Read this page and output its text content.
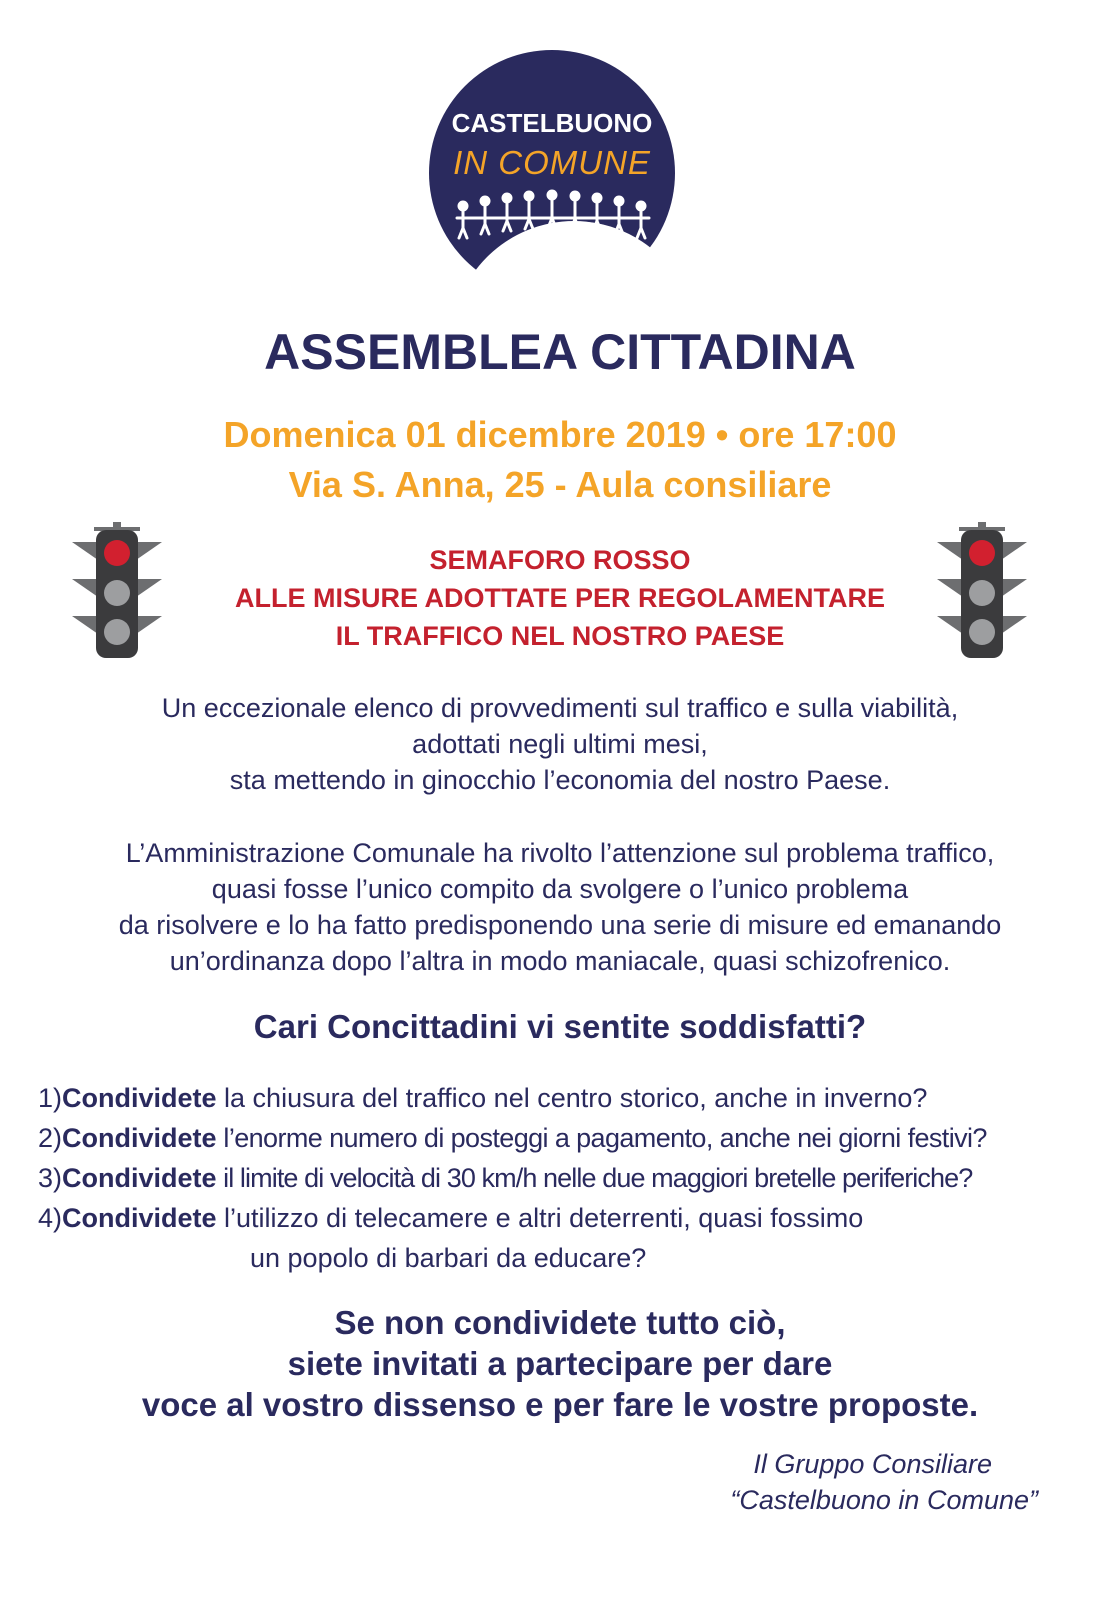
CASTELBUONO
IN COMUNE
ASSEMBLEA CITTADINA
Domenica 01 dicembre 2019 • ore 17:00
Via S. Anna, 25 - Aula consiliare
SEMAFORO ROSSO
ALLE MISURE ADOTTATE PER REGOLAMENTARE
IL TRAFFICO NEL NOSTRO PAESE
Un eccezionale elenco di provvedimenti sul traffico e sulla viabilità,
adottati negli ultimi mesi,
sta mettendo in ginocchio l’economia del nostro Paese.
L’Amministrazione Comunale ha rivolto l’attenzione sul problema traffico,
quasi fosse l’unico compito da svolgere o l’unico problema
da risolvere e lo ha fatto predisponendo una serie di misure ed emanando
un’ordinanza dopo l’altra in modo maniacale, quasi schizofrenico.
Cari Concittadini vi sentite soddisfatti?
1)Condividete la chiusura del traffico nel centro storico, anche in inverno?
2)Condividete l’enorme numero di posteggi a pagamento, anche nei giorni festivi?
3)Condividete il limite di velocità di 30 km/h nelle due maggiori bretelle periferiche?
4)Condividete l’utilizzo di telecamere e altri deterrenti, quasi fossimo
un popolo di barbari da educare?
Se non condividete tutto ciò,
siete invitati a partecipare per dare
voce al vostro dissenso e per fare le vostre proposte.
Il Gruppo Consiliare
“Castelbuono in Comune”
